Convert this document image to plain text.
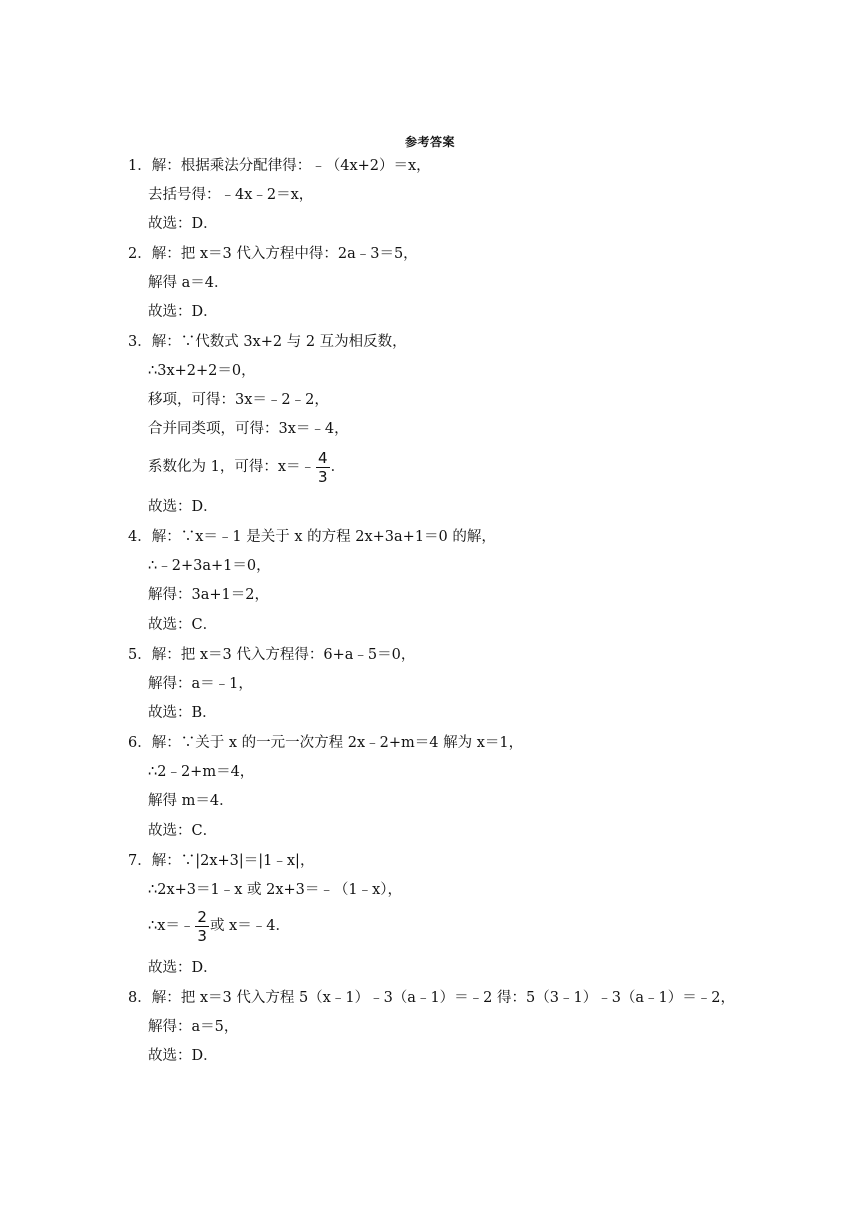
参考答案
1．解：根据乘法分配律得：﹣（4x+2）＝x，
去括号得：﹣4x﹣2＝x，
故选：D．
2．解：把 x＝3 代入方程中得：2a﹣3＝5，
解得 a＝4．
故选：D．
3．解：∵代数式 3x+2 与 2 互为相反数，
∴3x+2+2＝0，
移项，可得：3x＝﹣2﹣2，
合并同类项，可得：3x＝﹣4，
系数化为 1，可得：x＝﹣ $\frac{4}{3}$ ．
故选：D．
4．解：∵x＝﹣1 是关于 x 的方程 2x+3a+1＝0 的解，
∴﹣2+3a+1＝0，
解得：3a+1＝2，
故选：C．
5．解：把 x＝3 代入方程得：6+a﹣5＝0，
解得：a＝﹣1，
故选：B．
6．解：∵关于 x 的一元一次方程 2x﹣2+m＝4 解为 x＝1，
∴2﹣2+m＝4，
解得 m＝4．
故选：C．
7．解：∵|2x+3|＝|1﹣x|，
∴2x+3＝1﹣x 或 2x+3＝﹣（1﹣x），
∴x＝﹣ $\frac{2}{3}$ 或 x＝﹣4．
故选：D．
8．解：把 x＝3 代入方程 5（x﹣1）﹣3（a﹣1）＝﹣2 得：5（3﹣1）﹣3（a﹣1）＝﹣2，
解得：a＝5，
故选：D．
